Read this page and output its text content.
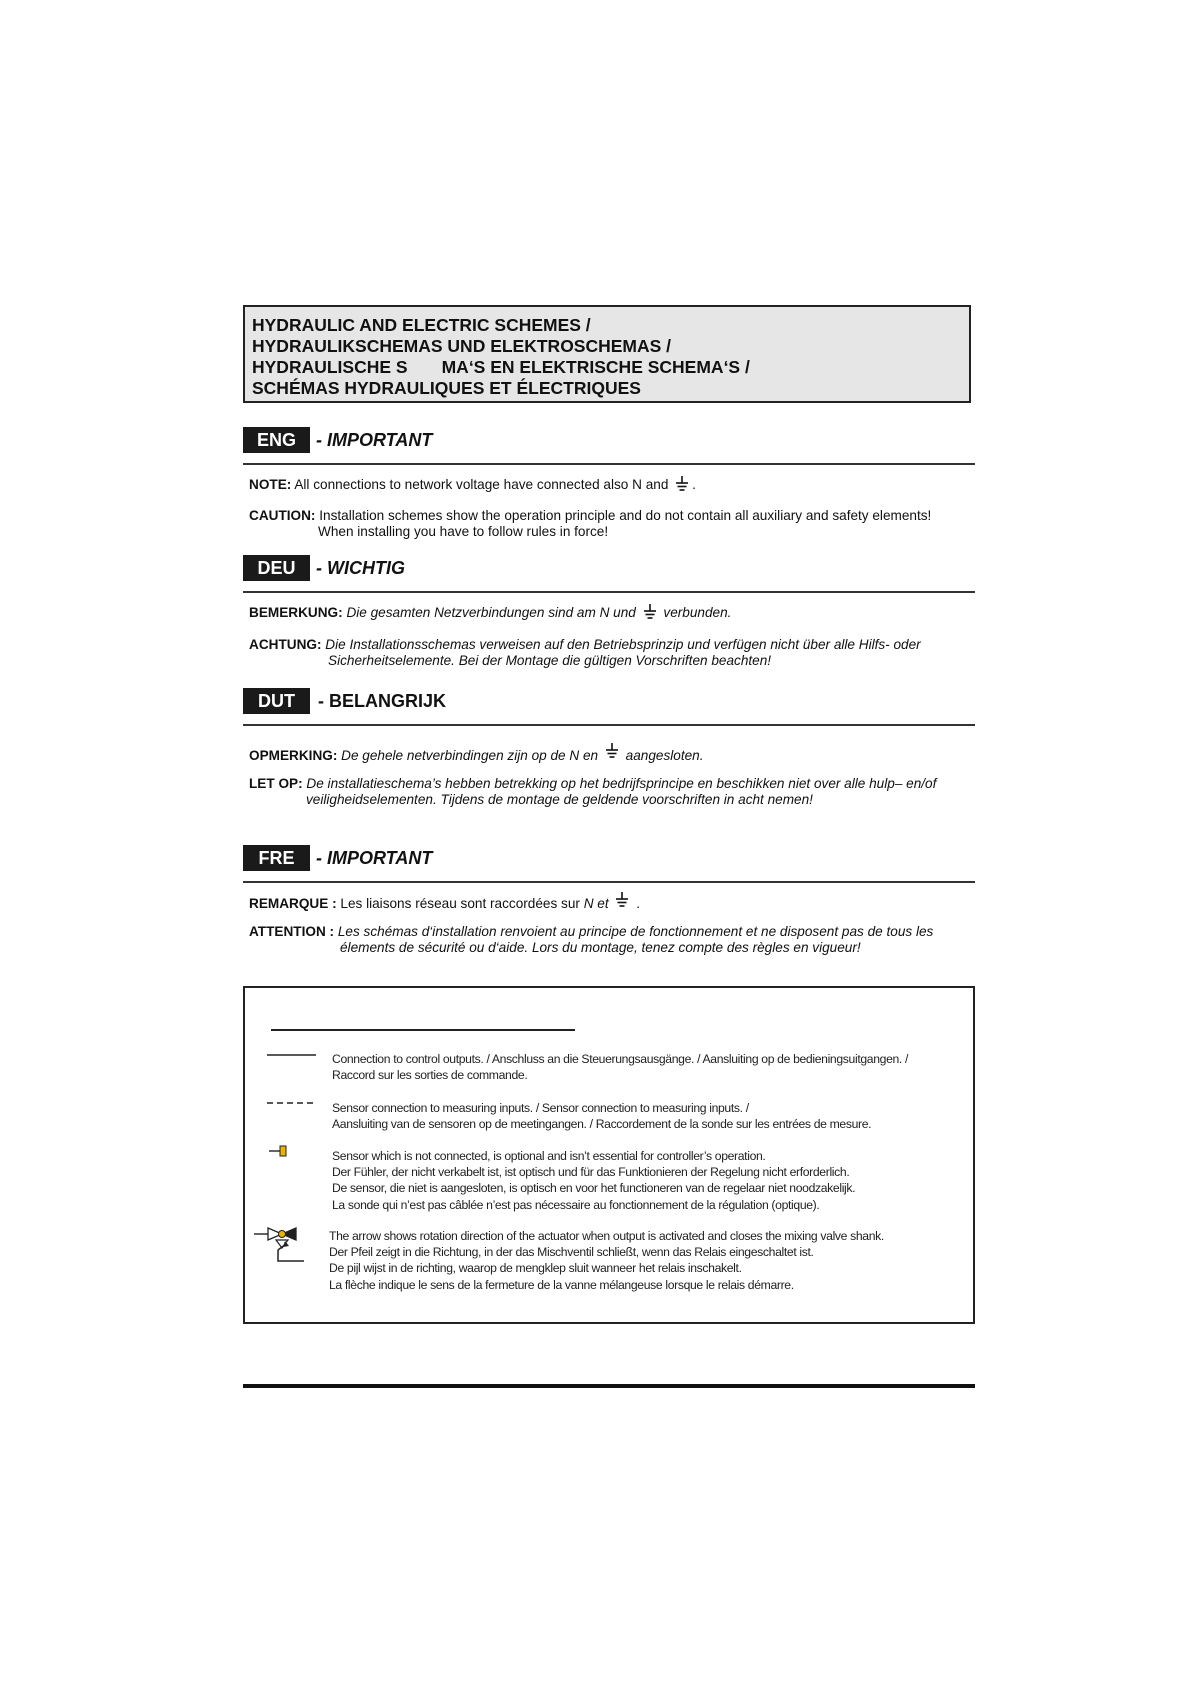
HYDRAULIC AND ELECTRIC SCHEMES /
HYDRAULIKSCHEMAS UND ELEKTROSCHEMAS /
HYDRAULISCHE S       MA‘S EN ELEKTRISCHE SCHEMA‘S /
SCHÉMAS HYDRAULIQUES ET ÉLECTRIQUES
ENG	- IMPORTANT
NOTE: All connections to network voltage have connected also N and .
CAUTION: Installation schemes show the operation principle and do not contain all auxiliary and safety elements!
When installing you have to follow rules in force!
DEU	- WICHTIG
BEMERKUNG: Die gesamten Netzverbindungen sind am N und verbunden.
ACHTUNG: Die Installationsschemas verweisen auf den Betriebsprinzip und verfügen nicht über alle Hilfs- oder
Sicherheitselemente. Bei der Montage die gültigen Vorschriften beachten!
DUT	- BELANGRIJK
OPMERKING: De gehele netverbindingen zijn op de N en aangesloten.
LET OP: De installatieschema’s hebben betrekking op het bedrijfsprincipe en beschikken niet over alle hulp– en/of
veiligheidselementen. Tijdens de montage de geldende voorschriften in acht nemen!
FRE	- IMPORTANT
REMARQUE : Les liaisons réseau sont raccordées sur N et .
ATTENTION : Les schémas d‘installation renvoient au principe de fonctionnement et ne disposent pas de tous les
élements de sécurité ou d‘aide. Lors du montage, tenez compte des règles en vigueur!
Connection to control outputs. / Anschluss an die Steuerungsausgänge. / Aansluiting op de bedieningsuitgangen. /
Raccord sur les sorties de commande.
Sensor connection to measuring inputs. / Sensor connection to measuring inputs. /
Aansluiting van de sensoren op de meetingangen. / Raccordement de la sonde sur les entrées de mesure.
Sensor which is not connected, is optional and isn’t essential for controller’s operation.
Der Fühler, der nicht verkabelt ist, ist optisch und für das Funktionieren der Regelung nicht erforderlich.
De sensor, die niet is aangesloten, is optisch en voor het functioneren van de regelaar niet noodzakelijk.
La sonde qui n’est pas câblée n’est pas nécessaire au fonctionnement de la régulation (optique).
The arrow shows rotation direction of the actuator when output is activated and closes the mixing valve shank.
Der Pfeil zeigt in die Richtung, in der das Mischventil schließt, wenn das Relais eingeschaltet ist.
De pijl wijst in de richting, waarop de mengklep sluit wanneer het relais inschakelt.
La flèche indique le sens de la fermeture de la vanne mélangeuse lorsque le relais démarre.
